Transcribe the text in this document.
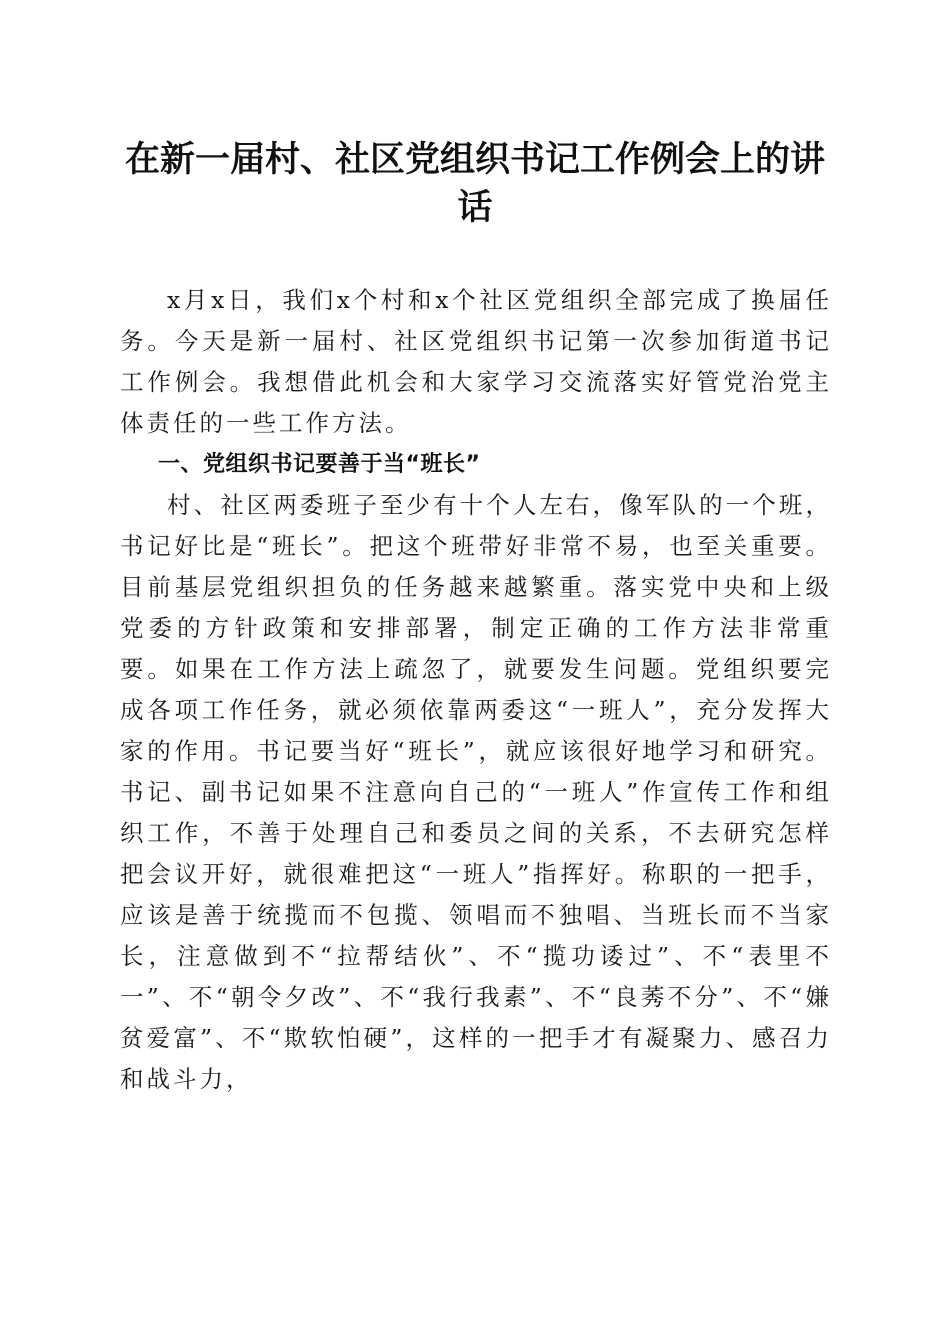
在新一届村、社区党组织书记工作例会上的讲话

x月x日，我们x个村和x个社区党组织全部完成了换届任务。今天是新一届村、社区党组织书记第一次参加街道书记工作例会。我想借此机会和大家学习交流落实好管党治党主体责任的一些工作方法。

一、党组织书记要善于当“班长”

村、社区两委班子至少有十个人左右，像军队的一个班，书记好比是“班长”。把这个班带好非常不易，也至关重要。目前基层党组织担负的任务越来越繁重。落实党中央和上级党委的方针政策和安排部署，制定正确的工作方法非常重要。如果在工作方法上疏忽了，就要发生问题。党组织要完成各项工作任务，就必须依靠两委这“一班人”，充分发挥大家的作用。书记要当好“班长”，就应该很好地学习和研究。书记、副书记如果不注意向自己的“一班人”作宣传工作和组织工作，不善于处理自己和委员之间的关系，不去研究怎样把会议开好，就很难把这“一班人”指挥好。称职的一把手，应该是善于统揽而不包揽、领唱而不独唱、当班长而不当家长，注意做到不“拉帮结伙”、不“揽功诿过”、不“表里不一”、不“朝令夕改”、不“我行我素”、不“良莠不分”、不“嫌贫爱富”、不“欺软怕硬”，这样的一把手才有凝聚力、感召力和战斗力，
